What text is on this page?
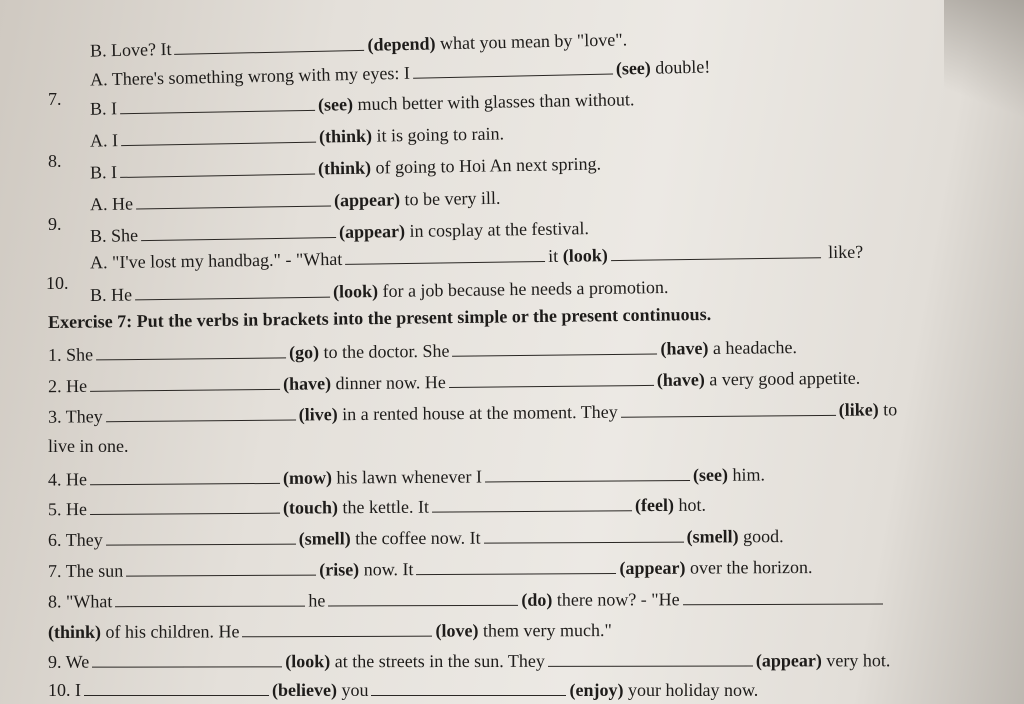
B. Love? It	(depend) what you mean by "love".
7.
A. There's something wrong with my eyes: I	(see) double!
B. I	(see) much better with glasses than without.
8.
A. I	(think) it is going to rain.
B. I	(think) of going to Hoi An next spring.
9.
A. He	(appear) to be very ill.
B. She	(appear) in cosplay at the festival.
10.
A. "I've lost my handbag." - "What	it (look)	like?
B. He	(look) for a job because he needs a promotion.
Exercise 7: Put the verbs in brackets into the present simple or the present continuous.
1. She	(go) to the doctor. She	(have) a headache.
2. He	(have) dinner now. He	(have) a very good appetite.
3. They	(live) in a rented house at the moment. They	(like) to
live in one.
4. He	(mow) his lawn whenever I	(see) him.
5. He	(touch) the kettle. It	(feel) hot.
6. They	(smell) the coffee now. It	(smell) good.
7. The sun	(rise) now. It	(appear) over the horizon.
8. "What	he	(do) there now? - "He
(think) of his children. He	(love) them very much."
9. We	(look) at the streets in the sun. They	(appear) very hot.
10. I	(believe) you	(enjoy) your holiday now.
